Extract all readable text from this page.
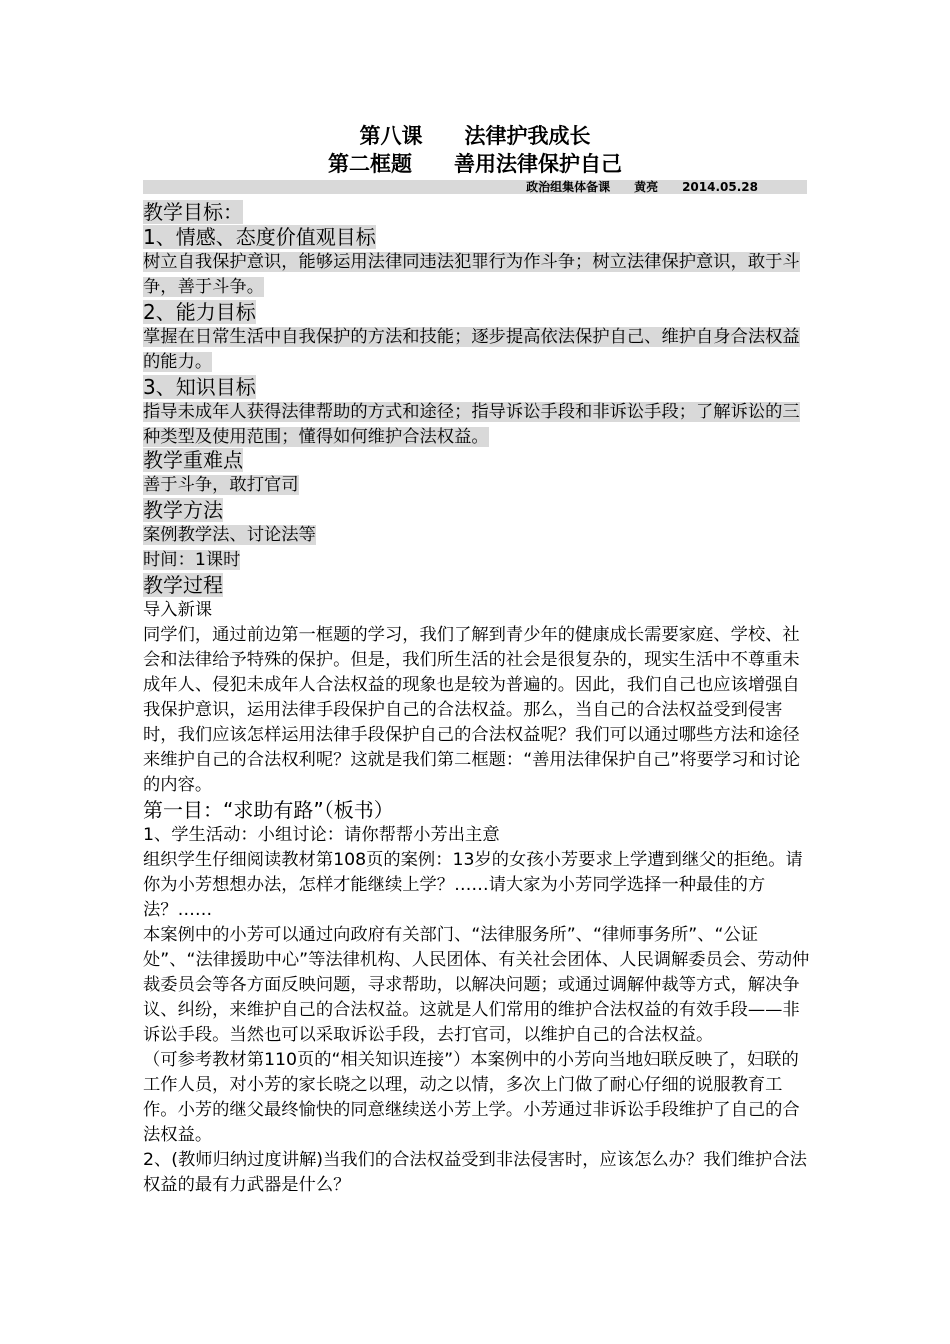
第八课　　法律护我成长
第二框题　　善用法律保护自己
政治组集体备课　　黄亮　　2014.05.28

教学目标：

1、情感、态度价值观目标

树立自我保护意识，能够运用法律同违法犯罪行为作斗争；树立法律保护意识，敢于斗争，善于斗争。

2、能力目标

掌握在日常生活中自我保护的方法和技能；逐步提高依法保护自己、维护自身合法权益的能力。

3、知识目标

指导未成年人获得法律帮助的方式和途径；指导诉讼手段和非诉讼手段；了解诉讼的三种类型及使用范围；懂得如何维护合法权益。

教学重难点

善于斗争，敢打官司

教学方法

案例教学法、讨论法等

时间：1课时

教学过程

导入新课

同学们，通过前边第一框题的学习，我们了解到青少年的健康成长需要家庭、学校、社会和法律给予特殊的保护。但是，我们所生活的社会是很复杂的，现实生活中不尊重未成年人、侵犯未成年人合法权益的现象也是较为普遍的。因此，我们自己也应该增强自我保护意识，运用法律手段保护自己的合法权益。那么，当自己的合法权益受到侵害时，我们应该怎样运用法律手段保护自己的合法权益呢？我们可以通过哪些方法和途径来维护自己的合法权利呢？这就是我们第二框题：“善用法律保护自己”将要学习和讨论的内容。

第一目：“求助有路”（板书）

1、学生活动：小组讨论：请你帮帮小芳出主意

组织学生仔细阅读教材第108页的案例：13岁的女孩小芳要求上学遭到继父的拒绝。请你为小芳想想办法，怎样才能继续上学？……请大家为小芳同学选择一种最佳的方法？……

本案例中的小芳可以通过向政府有关部门、“法律服务所”、“律师事务所”、“公证处”、“法律援助中心”等法律机构、人民团体、有关社会团体、人民调解委员会、劳动仲裁委员会等各方面反映问题，寻求帮助，以解决问题；或通过调解仲裁等方式，解决争议、纠纷，来维护自己的合法权益。这就是人们常用的维护合法权益的有效手段——非诉讼手段。当然也可以采取诉讼手段，去打官司，以维护自己的合法权益。

（可参考教材第110页的“相关知识连接”）本案例中的小芳向当地妇联反映了，妇联的工作人员，对小芳的家长晓之以理，动之以情，多次上门做了耐心仔细的说服教育工作。小芳的继父最终愉快的同意继续送小芳上学。小芳通过非诉讼手段维护了自己的合法权益。

2、(教师归纳过度讲解)当我们的合法权益受到非法侵害时，应该怎么办？我们维护合法权益的最有力武器是什么？
